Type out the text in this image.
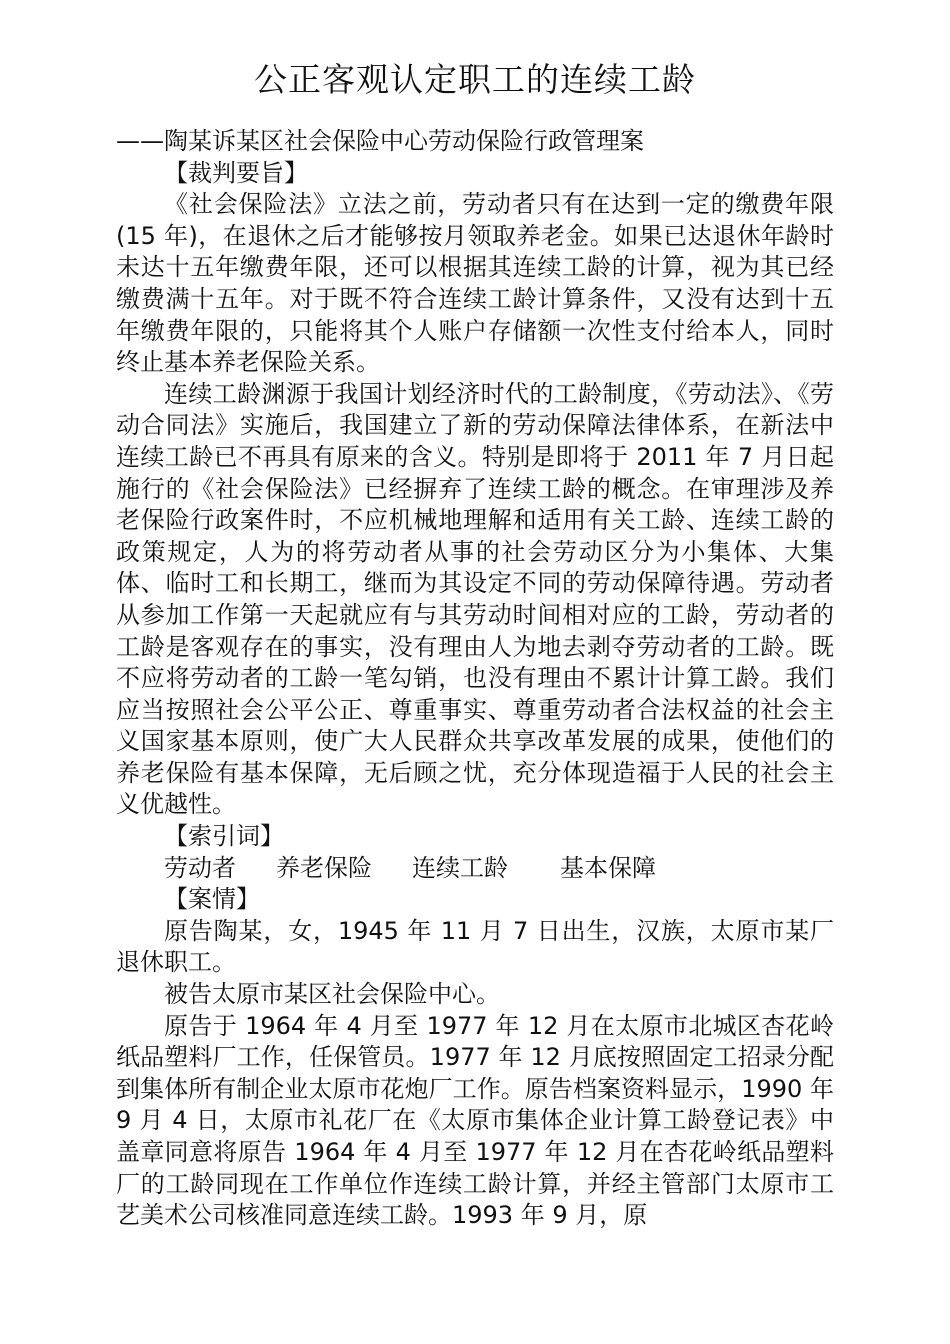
公正客观认定职工的连续工龄

——陶某诉某区社会保险中心劳动保险行政管理案

【裁判要旨】

《社会保险法》立法之前，劳动者只有在达到一定的缴费年限(15 年)，在退休之后才能够按月领取养老金。如果已达退休年龄时未达十五年缴费年限，还可以根据其连续工龄的计算，视为其已经缴费满十五年。对于既不符合连续工龄计算条件，又没有达到十五年缴费年限的，只能将其个人账户存储额一次性支付给本人，同时终止基本养老保险关系。

连续工龄渊源于我国计划经济时代的工龄制度，《劳动法》、《劳动合同法》实施后，我国建立了新的劳动保障法律体系，在新法中连续工龄已不再具有原来的含义。特别是即将于 2011 年 7 月日起施行的《社会保险法》已经摒弃了连续工龄的概念。在审理涉及养老保险行政案件时，不应机械地理解和适用有关工龄、连续工龄的政策规定，人为的将劳动者从事的社会劳动区分为小集体、大集体、临时工和长期工，继而为其设定不同的劳动保障待遇。劳动者从参加工作第一天起就应有与其劳动时间相对应的工龄，劳动者的工龄是客观存在的事实，没有理由人为地去剥夺劳动者的工龄。既不应将劳动者的工龄一笔勾销，也没有理由不累计计算工龄。我们应当按照社会公平公正、尊重事实、尊重劳动者合法权益的社会主义国家基本原则，使广大人民群众共享改革发展的成果，使他们的养老保险有基本保障，无后顾之忧，充分体现造福于人民的社会主义优越性。

【索引词】

劳动者 养老保险 连续工龄 基本保障

【案情】

原告陶某，女，1945 年 11 月 7 日出生，汉族，太原市某厂退休职工。

被告太原市某区社会保险中心。

原告于 1964 年 4 月至 1977 年 12 月在太原市北城区杏花岭纸品塑料厂工作，任保管员。1977 年 12 月底按照固定工招录分配到集体所有制企业太原市花炮厂工作。原告档案资料显示，1990 年 9 月 4 日，太原市礼花厂在《太原市集体企业计算工龄登记表》中盖章同意将原告 1964 年 4 月至 1977 年 12 月在杏花岭纸品塑料厂的工龄同现在工作单位作连续工龄计算，并经主管部门太原市工艺美术公司核准同意连续工龄。1993 年 9 月，原
